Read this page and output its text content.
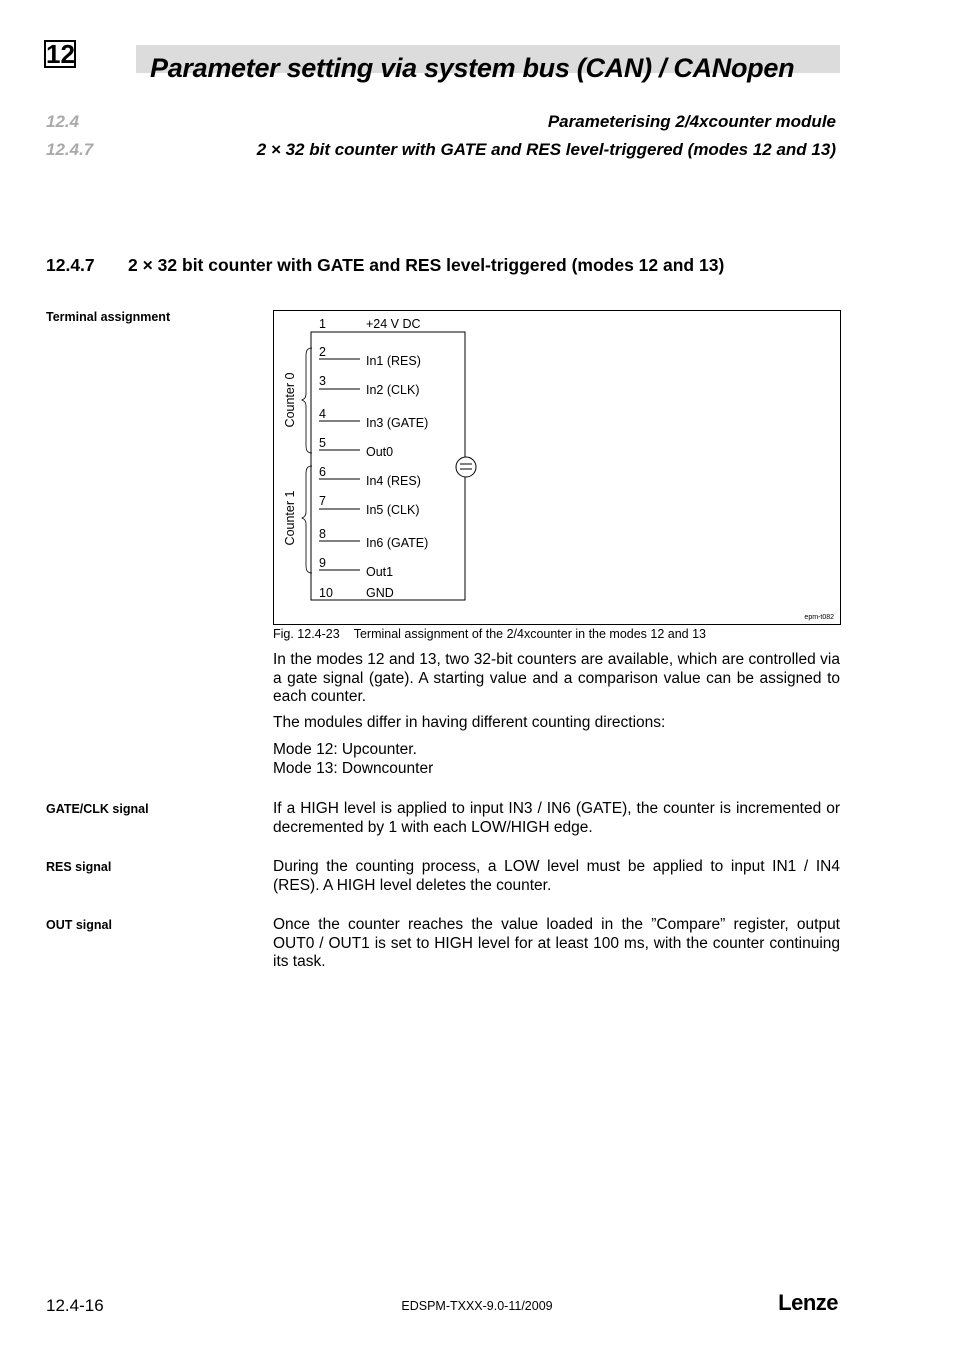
12	Parameter setting via system bus (CAN) / CANopen
12.4	Parameterising 2/4xcounter module
12.4.7	2 × 32 bit counter with GATE and RES level-triggered (modes 12 and 13)
12.4.7 2 × 32 bit counter with GATE and RES level-triggered (modes 12 and 13)
Terminal assignment
GATE/CLK signal
RES signal
OUT signal
Counter 0
Counter 1
1	+24 V DC
2
In1 (RES)
3
In2 (CLK)
4
In3 (GATE)
5
Out0
6
In4 (RES)
7
In5 (CLK)
8
In6 (GATE)
9
Out1
10	GND
epm-t082
Fig. 12.4-23 Terminal assignment of the 2/4xcounter in the modes 12 and 13

In the modes 12 and 13, two 32-bit counters are available, which are controlled via a gate signal (gate). A starting value and a comparison value can be assigned to each counter.

The modules differ in having different counting directions:

Mode 12: Upcounter.

Mode 13: Downcounter

If a HIGH level is applied to input IN3 / IN6 (GATE), the counter is incremented or decremented by 1 with each LOW/HIGH edge.

During the counting process, a LOW level must be applied to input IN1 / IN4 (RES). A HIGH level deletes the counter.

Once the counter reaches the value loaded in the ”Compare” register, output OUT0 / OUT1 is set to HIGH level for at least 100 ms, with the counter continuing its task.

12.4-16	EDSPM-TXXX-9.0-11/2009	Lenze
